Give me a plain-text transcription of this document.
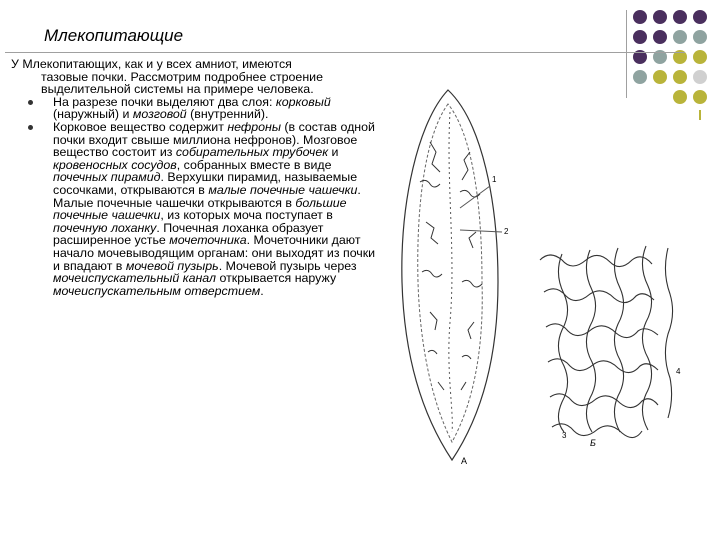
Млекопитающие

У Млекопитающих, как и у всех амниот, имеются

тазовые почки. Рассмотрим подробнее строение выделительной системы на примере человека.

На разрезе почки выделяют два слоя: корковый (наружный) и мозговой (внутренний).
Корковое вещество содержит нефроны (в состав одной почки входит свыше миллиона нефронов). Мозговое вещество состоит из собирательных трубочек и кровеносных сосудов, собранных вместе в виде почечных пирамид. Верхушки пирамид, называемые сосочками, открываются в малые почечные чашечки. Малые почечные чашечки открываются в большие почечные чашечки, из которых моча поступает в почечную лоханку. Почечная лоханка образует расширенное устье мочеточника. Мочеточники дают начало мочевыводящим органам: они выходят из почки и впадают в мочевой пузырь. Мочевой пузырь через мочеиспускательный канал открывается наружу мочеиспускательным отверстием.
А
Б
1
2
3
4
